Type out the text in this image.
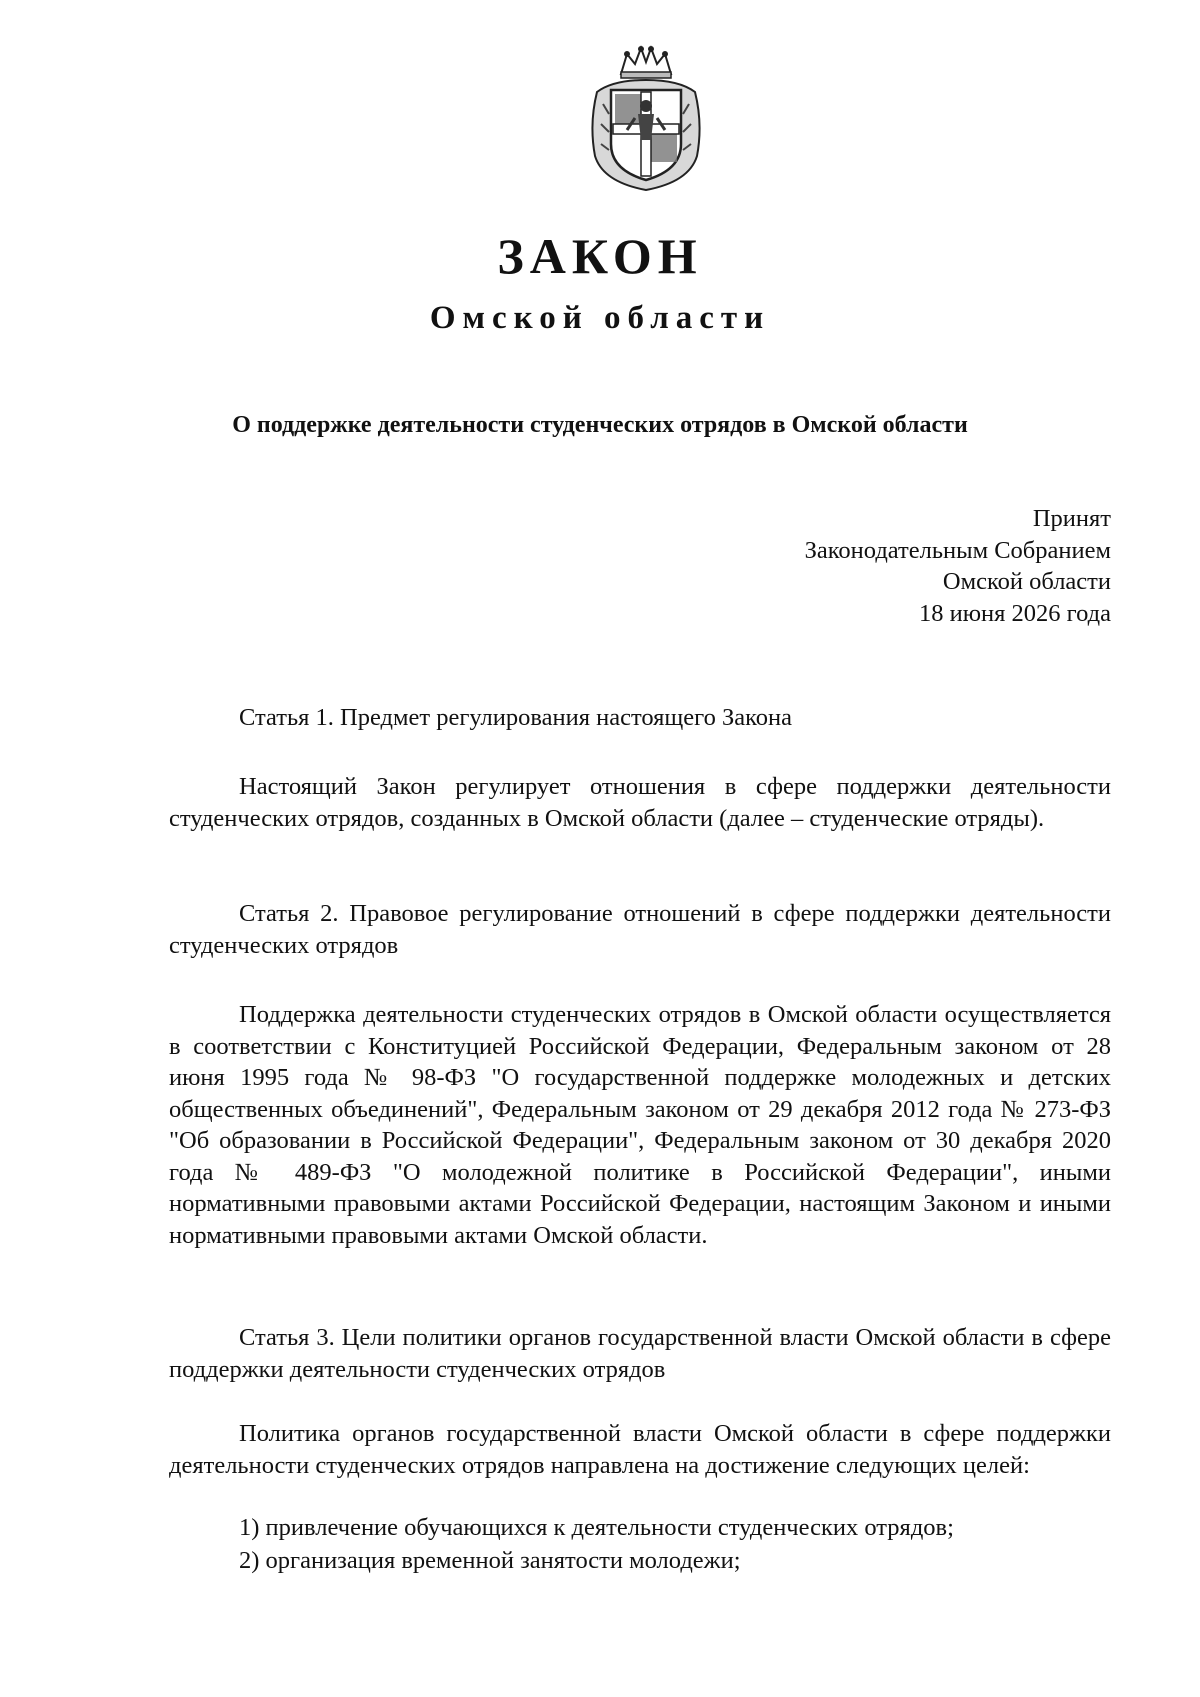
ЗАКОН
Омской области
О поддержке деятельности студенческих отрядов в Омской области
Принят
Законодательным Собранием
Омской области
18 июня 2026 года
Статья 1. Предмет регулирования настоящего Закона
Настоящий Закон регулирует отношения в сфере поддержки деятельности студенческих отрядов, созданных в Омской области (далее – студенческие отряды).
Статья 2. Правовое регулирование отношений в сфере поддержки деятельности студенческих отрядов
Поддержка деятельности студенческих отрядов в Омской области осуществляется в соответствии с Конституцией Российской Федерации, Федеральным законом от 28 июня 1995 года № 98-ФЗ "О государственной поддержке молодежных и детских общественных объединений", Федеральным законом от 29 декабря 2012 года № 273-ФЗ "Об образовании в Российской Федерации", Федеральным законом от 30 декабря 2020 года № 489-ФЗ "О молодежной политике в Российской Федерации", иными нормативными правовыми актами Российской Федерации, настоящим Законом и иными нормативными правовыми актами Омской области.
Статья 3. Цели политики органов государственной власти Омской области в сфере поддержки деятельности студенческих отрядов
Политика органов государственной власти Омской области в сфере поддержки деятельности студенческих отрядов направлена на достижение следующих целей:
1) привлечение обучающихся к деятельности студенческих отрядов;
2) организация временной занятости молодежи;
